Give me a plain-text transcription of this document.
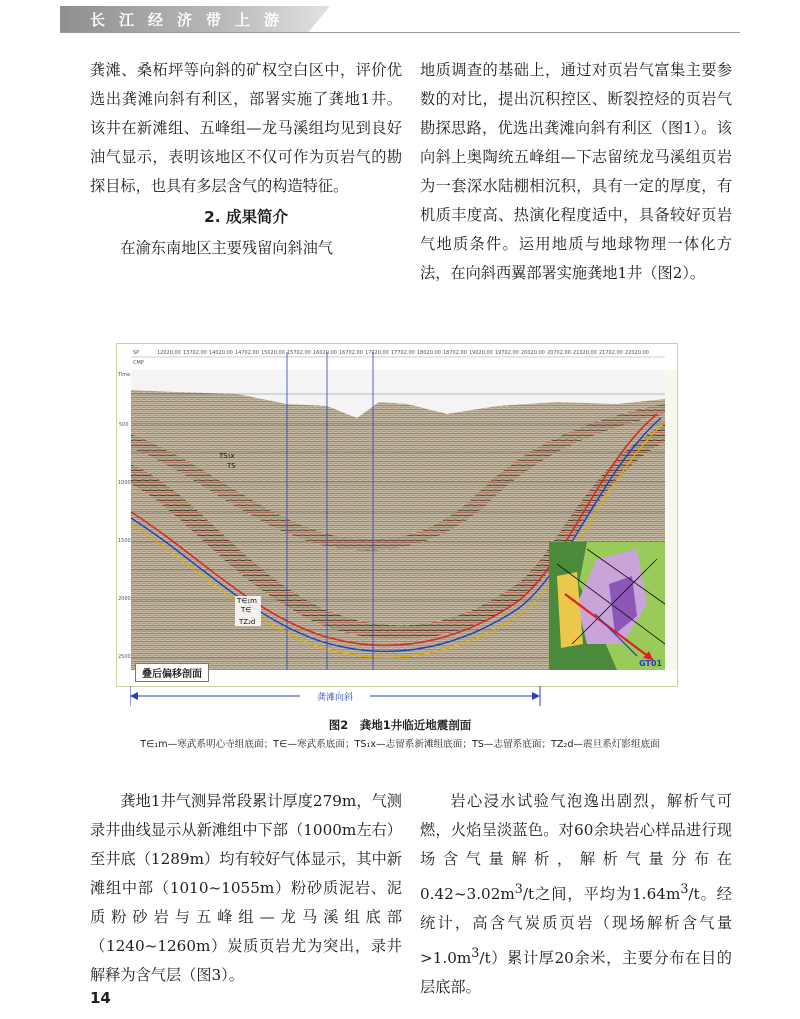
长江经济带上游

龚滩、桑柘坪等向斜的矿权空白区中，评价优选出龚滩向斜有利区，部署实施了龚地1井。该井在新滩组、五峰组—龙马溪组均见到良好油气显示，表明该地区不仅可作为页岩气的勘探目标，也具有多层含气的构造特征。

2. 成果简介

在渝东南地区主要残留向斜油气

地质调查的基础上，通过对页岩气富集主要参数的对比，提出沉积控区、断裂控烃的页岩气勘探思路，优选出龚滩向斜有利区（图1）。该向斜上奥陶统五峰组—下志留统龙马溪组页岩为一套深水陆棚相沉积，具有一定的厚度，有机质丰度高、热演化程度适中，具备较好页岩气地质条件。运用地质与地球物理一体化方法，在向斜西翼部署实施龚地1井（图2）。

SP
CMP
12020.00 13702.00 14020.00 14702.00 15020.00 15702.00 16020.00 16702.00 17020.00 17702.00 18020.00 18702.00 19020.00 19702.00 20020.00 20702.00 21020.00 21702.00 22020.00
Time
500
1000
1500
2000
2500
GT01
TS₁x
TS
T∈₁m
T∈
TZ₂d
叠后偏移剖面
龚滩向斜
图2　龚地1井临近地震剖面
T∈₁m—寒武系明心寺组底面；T∈—寒武系底面；TS₁x—志留系新滩组底面；TS—志留系底面；TZ₂d—震旦系灯影组底面

龚地1井气测异常段累计厚度279m，气测录井曲线显示从新滩组中下部（1000m左右）至井底（1289m）均有较好气体显示，其中新滩组中部（1010~1055m）粉砂质泥岩、泥质粉砂岩与五峰组—龙马溪组底部（1240~1260m）炭质页岩尤为突出，录井解释为含气层（图3）。

岩心浸水试验气泡逸出剧烈，解析气可燃，火焰呈淡蓝色。对60余块岩心样品进行现场含气量解析，解析气量分布在$0.42\sim 3.02m^3/t$之间，平均为$1.64m^3/t$。经统计，高含气炭质页岩（现场解析含气量$>1.0m^3/t$）累计厚20余米，主要分布在目的层底部。

14
